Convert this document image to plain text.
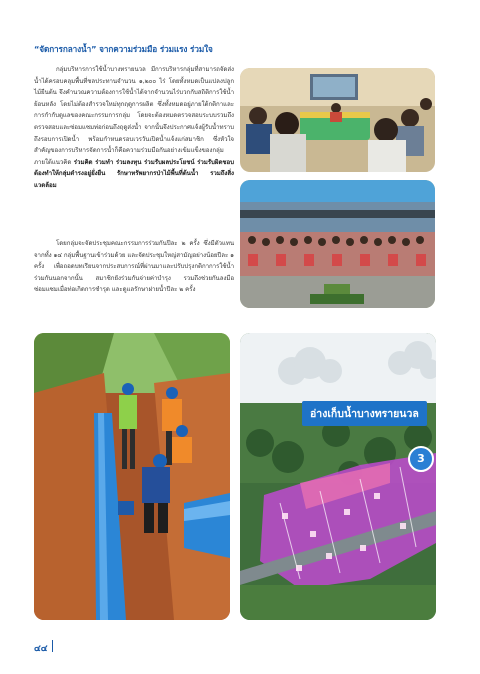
“จัดการกลางน้ำ” จากความร่วมมือ ร่วมแรง ร่วมใจ
กลุ่มบริหารการใช้น้ำบางทรายนวล มีการบริหารกลุ่มที่สามารถจัดส่งน้ำได้ครอบคลุมพื้นที่ชลประทานจำนวน ๑,๒๐๐ ไร่ โดยทั้งหมดเป็นแปลงปลูกไม้ยืนต้น จึงคำนวณความต้องการใช้น้ำได้จากจำนวนไร่บวกกับสถิติการใช้น้ำย้อนหลัง โดยไม่ต้องสำรวจใหม่ทุกฤดูการผลิต ซึ่งทั้งหมดอยู่ภายใต้กติกาและการกำกับดูแลของคณะกรรมการกลุ่ม โดยจะต้องหมดตรวจสอบระบบรวมถึงตรวจสอบและซ่อมแซมท่อก่อนถึงฤดูส่งน้ำ จากนั้นจึงประกาศแจ้งผู้รับน้ำทราบถึงรอบการเปิดน้ำ พร้อมกำหนดรอบเวรวันเปิดน้ำแจ้งแก่สมาชิก ซึ่งหัวใจสำคัญของการบริหารจัดการน้ำก็คือความร่วมมือกันอย่างเข้มแข็งของกลุ่ม ภายใต้แนวคิด ร่วมคิด ร่วมทำ ร่วมลงทุน ร่วมรับผลประโยชน์ ร่วมรับผิดชอบ ต้องทำให้กลุ่มดำรงอยู่ยั่งยืน รักษาทรัพยากรป่าไม้พื้นที่ต้นน้ำ รวมถึงสิ่งแวดล้อม
โดยกลุ่มจะจัดประชุมคณะกรรมการร่วมกันปีละ ๒ ครั้ง ซึ่งมีตัวแทนจากทั้ง ๑๔ กลุ่มพื้นฐานเข้าร่วมด้วย และจัดประชุมใหญ่สามัญอย่างน้อยปีละ ๑ ครั้ง เพื่อถอดบทเรียนจากประสบการณ์ที่ผ่านมาและปรับปรุงกติกาการใช้น้ำร่วมกันนอกจากนั้น สมาชิกยังร่วมกันจ่ายค่าบำรุง รวมถึงช่วยกันลงมือซ่อมแซมเมื่อท่อเกิดการชำรุด และดูแลรักษาฝายน้ำปีละ ๒ ครั้ง
อ่างเก็บน้ำบางทรายนวล
3
๔๔
